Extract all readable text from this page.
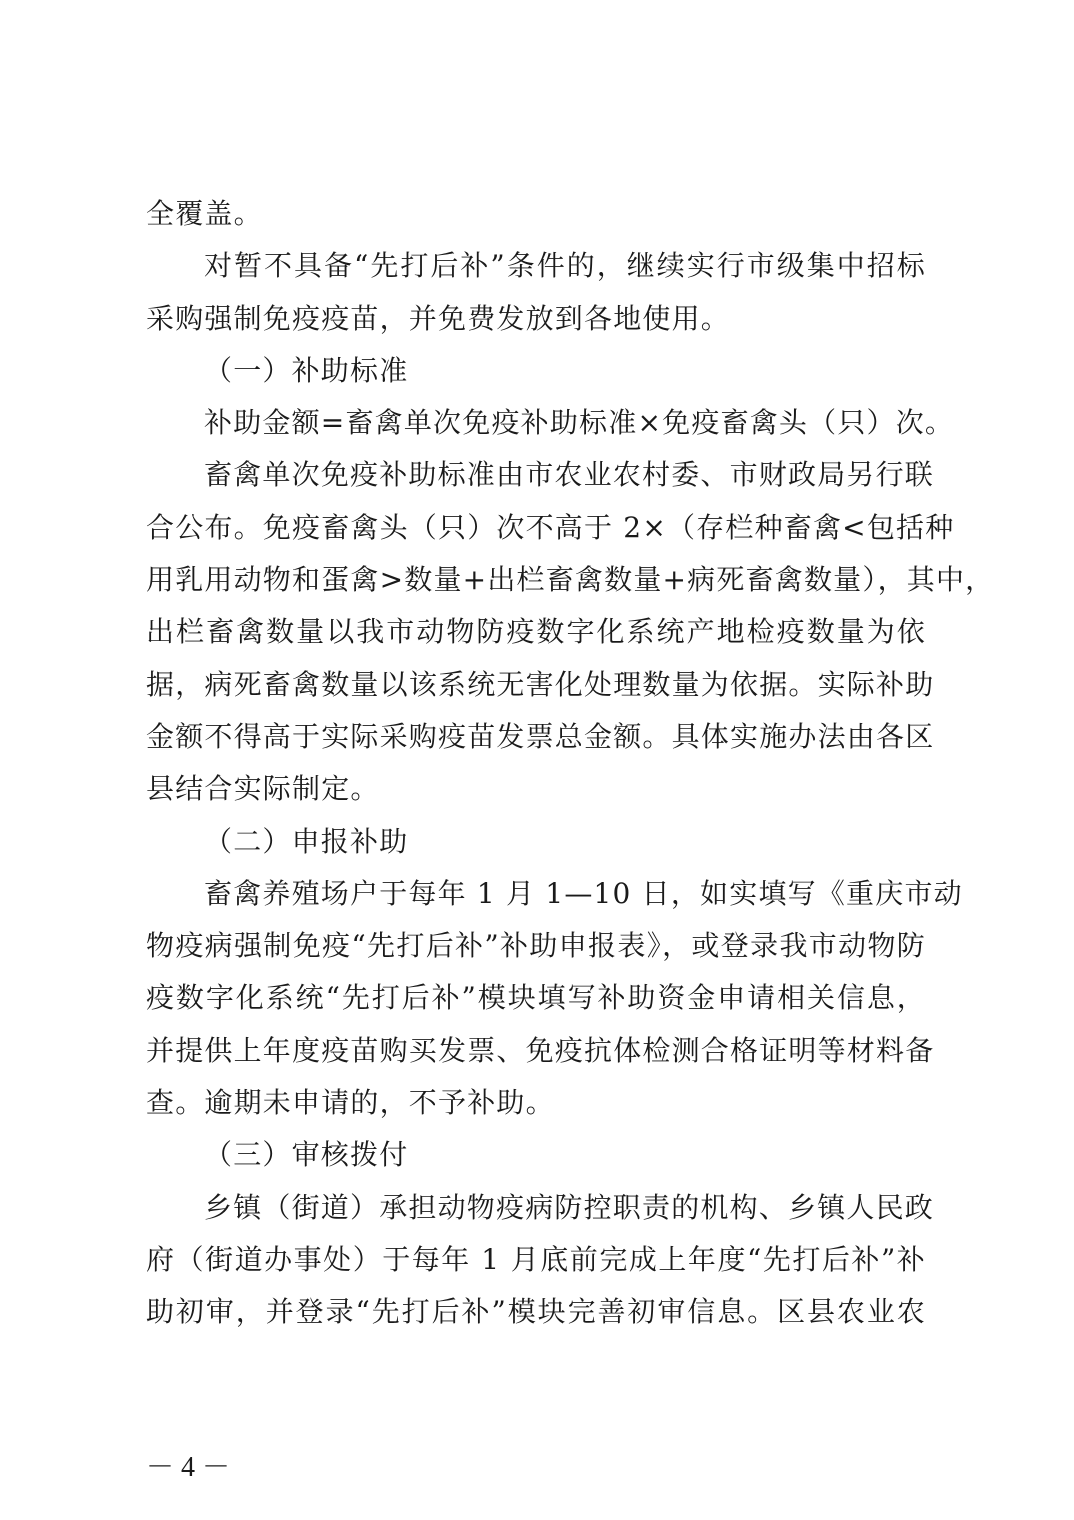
全覆盖。
对暂不具备“先打后补”条件的，继续实行市级集中招标
采购强制免疫疫苗，并免费发放到各地使用。
（一）补助标准
补助金额=畜禽单次免疫补助标准×免疫畜禽头（只）次。
畜禽单次免疫补助标准由市农业农村委、市财政局另行联
合公布。免疫畜禽头（只）次不高于 2×（存栏种畜禽<包括种
用乳用动物和蛋禽>数量+出栏畜禽数量+病死畜禽数量），其中，
出栏畜禽数量以我市动物防疫数字化系统产地检疫数量为依
据，病死畜禽数量以该系统无害化处理数量为依据。实际补助
金额不得高于实际采购疫苗发票总金额。具体实施办法由各区
县结合实际制定。
（二）申报补助
畜禽养殖场户于每年 1 月 1—10 日，如实填写《重庆市动
物疫病强制免疫“先打后补”补助申报表》，或登录我市动物防
疫数字化系统“先打后补”模块填写补助资金申请相关信息，
并提供上年度疫苗购买发票、免疫抗体检测合格证明等材料备
查。逾期未申请的，不予补助。
（三）审核拨付
乡镇（街道）承担动物疫病防控职责的机构、乡镇人民政
府（街道办事处）于每年 1 月底前完成上年度“先打后补”补
助初审，并登录“先打后补”模块完善初审信息。区县农业农
－ 4 －
